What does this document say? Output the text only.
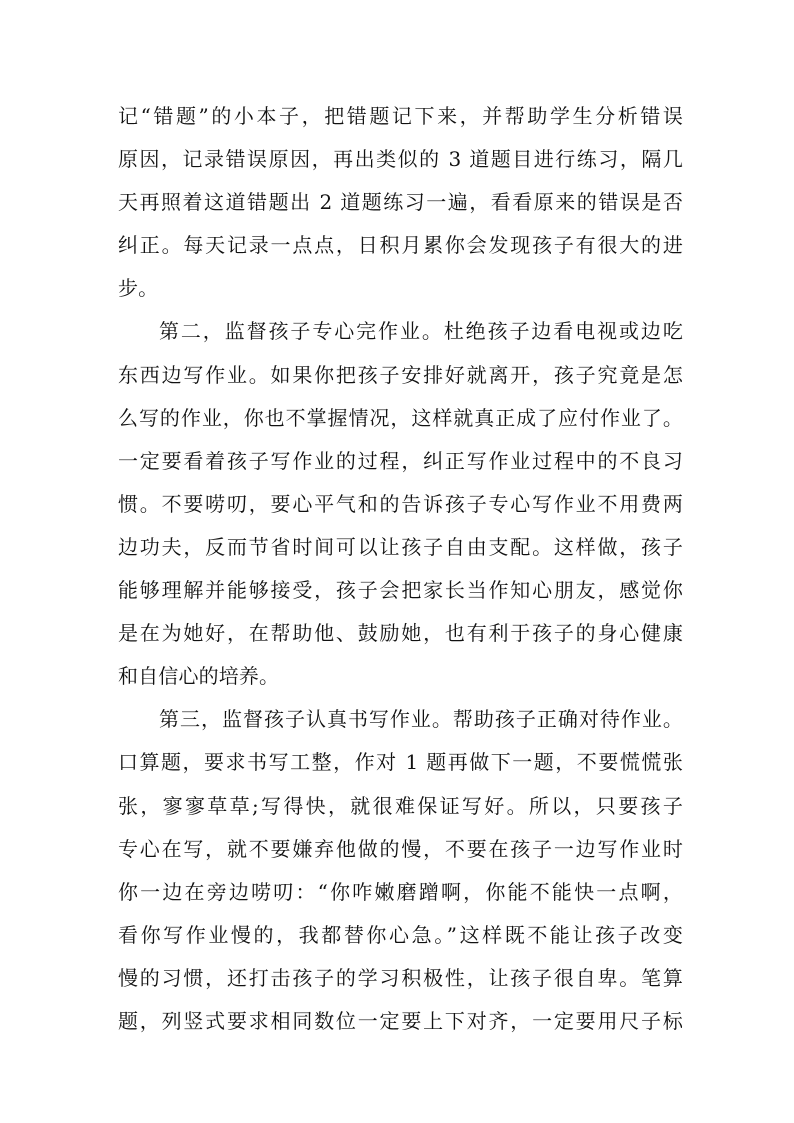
记“错题”的小本子，把错题记下来，并帮助学生分析错误
原因，记录错误原因，再出类似的 3 道题目进行练习，隔几
天再照着这道错题出 2 道题练习一遍，看看原来的错误是否
纠正。每天记录一点点，日积月累你会发现孩子有很大的进
步。
第二，监督孩子专心完作业。杜绝孩子边看电视或边吃
东西边写作业。如果你把孩子安排好就离开，孩子究竟是怎
么写的作业，你也不掌握情况，这样就真正成了应付作业了。
一定要看着孩子写作业的过程，纠正写作业过程中的不良习
惯。不要唠叨，要心平气和的告诉孩子专心写作业不用费两
边功夫，反而节省时间可以让孩子自由支配。这样做，孩子
能够理解并能够接受，孩子会把家长当作知心朋友，感觉你
是在为她好，在帮助他、鼓励她，也有利于孩子的身心健康
和自信心的培养。
第三，监督孩子认真书写作业。帮助孩子正确对待作业。
口算题，要求书写工整，作对 1 题再做下一题，不要慌慌张
张，寥寥草草;写得快，就很难保证写好。所以，只要孩子
专心在写，就不要嫌弃他做的慢，不要在孩子一边写作业时
你一边在旁边唠叨：“你咋嫩磨蹭啊，你能不能快一点啊，
看你写作业慢的，我都替你心急。”这样既不能让孩子改变
慢的习惯，还打击孩子的学习积极性，让孩子很自卑。笔算
题，列竖式要求相同数位一定要上下对齐，一定要用尺子标
